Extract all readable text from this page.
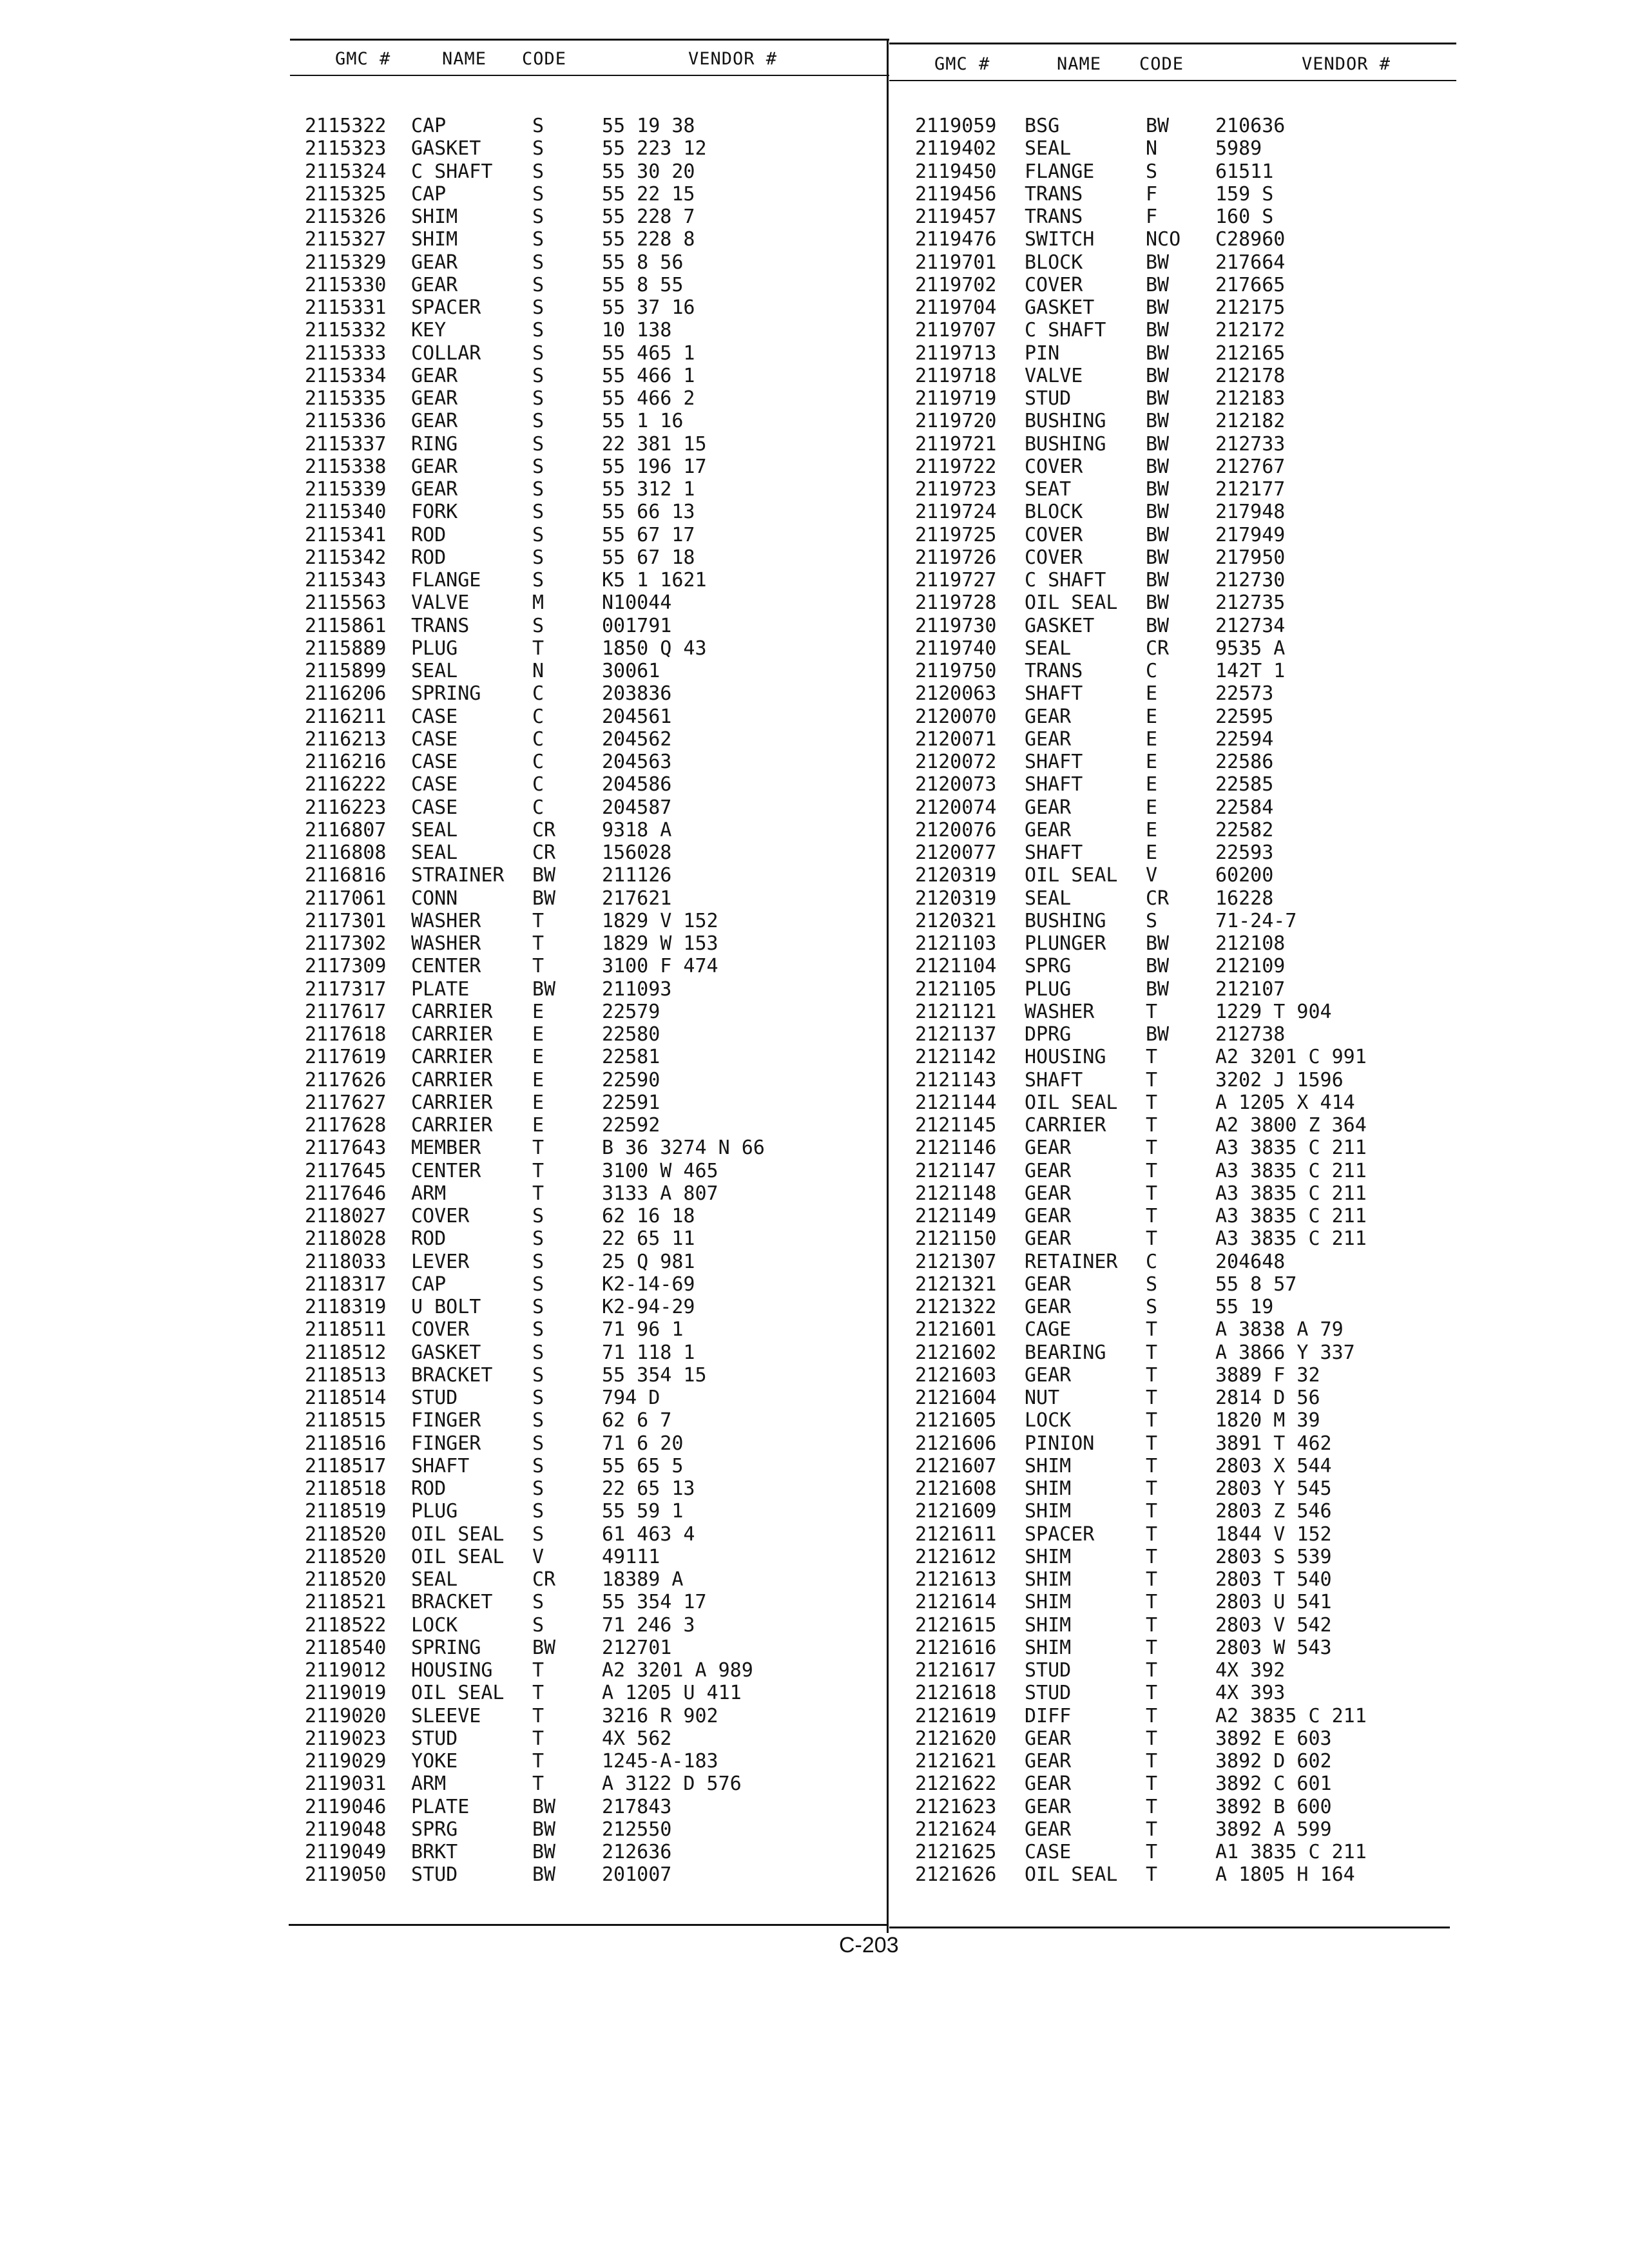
GMC #	NAME CODE	VENDOR #	GMC #	NAME CODE	VENDOR #
2115322 CAP	S	55 19 38
2115323 GASKET	S	55 223 12
2115324 C SHAFT S	55 30 20
2115325 CAP	S	55 22 15
2115326 SHIM	S	55 228 7
2115327 SHIM	S	55 228 8
2115329 GEAR	S	55 8 56
2115330 GEAR	S	55 8 55
2115331 SPACER	S	55 37 16
2115332 KEY	S	10 138
2115333 COLLAR	S	55 465 1
2115334 GEAR	S	55 466 1
2115335 GEAR	S	55 466 2
2115336 GEAR	S	55 1 16
2115337 RING	S	22 381 15
2115338 GEAR	S	55 196 17
2115339 GEAR	S	55 312 1
2115340 FORK	S	55 66 13
2115341 ROD	S	55 67 17
2115342 ROD	S	55 67 18
2115343 FLANGE	S	K5 1 1621
2115563 VALVE	M	N10044
2115861 TRANS	S	001791
2115889 PLUG	T	1850 Q 43
2115899 SEAL	N	30061
2116206 SPRING	C	203836
2116211 CASE	C	204561
2116213 CASE	C	204562
2116216 CASE	C	204563
2116222 CASE	C	204586
2116223 CASE	C	204587
2116807 SEAL	CR 9318 A
2116808 SEAL	CR 156028
2116816 STRAINER BW 211126
2117061 CONN	BW 217621
2117301 WASHER	T	1829 V 152
2117302 WASHER	T	1829 W 153
2117309 CENTER	T	3100 F 474
2117317 PLATE	BW 211093
2117617 CARRIER E	22579
2117618 CARRIER E	22580
2117619 CARRIER E	22581
2117626 CARRIER E	22590
2117627 CARRIER E	22591
2117628 CARRIER E	22592
2117643 MEMBER	T	B 36 3274 N 66
2117645 CENTER	T	3100 W 465
2117646 ARM	T	3133 A 807
2118027 COVER	S	62 16 18
2118028 ROD	S	22 65 11
2118033 LEVER	S	25 Q 981
2118317 CAP	S	K2-14-69
2118319 U BOLT	S	K2-94-29
2118511 COVER	S	71 96 1
2118512 GASKET	S	71 118 1
2118513 BRACKET S	55 354 15
2118514 STUD	S	794 D
2118515 FINGER	S	62 6 7
2118516 FINGER	S	71 6 20
2118517 SHAFT	S	55 65 5
2118518 ROD	S	22 65 13
2118519 PLUG	S	55 59 1
2118520 OIL SEAL S	61 463 4
2118520 OIL SEAL V	49111
2118520 SEAL	CR 18389 A
2118521 BRACKET S	55 354 17
2118522 LOCK	S	71 246 3
2118540 SPRING	BW 212701
2119012 HOUSING T	A2 3201 A 989
2119019 OIL SEAL T	A 1205 U 411
2119020 SLEEVE	T	3216 R 902
2119023 STUD	T	4X 562
2119029 YOKE	T	1245-A-183
2119031 ARM	T	A 3122 D 576
2119046 PLATE	BW 217843
2119048 SPRG	BW 212550
2119049 BRKT	BW 212636
2119050 STUD	BW 201007
2119059 BSG	BW 210636
2119402 SEAL	N	5989
2119450 FLANGE	S	61511
2119456 TRANS	F	159 S
2119457 TRANS	F	160 S
2119476 SWITCH	NCO C28960
2119701 BLOCK	BW 217664
2119702 COVER	BW 217665
2119704 GASKET	BW 212175
2119707 C SHAFT BW 212172
2119713 PIN	BW 212165
2119718 VALVE	BW 212178
2119719 STUD	BW 212183
2119720 BUSHING BW 212182
2119721 BUSHING BW 212733
2119722 COVER	BW 212767
2119723 SEAT	BW 212177
2119724 BLOCK	BW 217948
2119725 COVER	BW 217949
2119726 COVER	BW 217950
2119727 C SHAFT BW 212730
2119728 OIL SEAL BW 212735
2119730 GASKET	BW 212734
2119740 SEAL	CR 9535 A
2119750 TRANS	C	142T 1
2120063 SHAFT	E	22573
2120070 GEAR	E	22595
2120071 GEAR	E	22594
2120072 SHAFT	E	22586
2120073 SHAFT	E	22585
2120074 GEAR	E	22584
2120076 GEAR	E	22582
2120077 SHAFT	E	22593
2120319 OIL SEAL V	60200
2120319 SEAL	CR 16228
2120321 BUSHING S	71-24-7
2121103 PLUNGER BW 212108
2121104 SPRG	BW 212109
2121105 PLUG	BW 212107
2121121 WASHER	T	1229 T 904
2121137 DPRG	BW 212738
2121142 HOUSING T	A2 3201 C 991
2121143 SHAFT	T	3202 J 1596
2121144 OIL SEAL T	A 1205 X 414
2121145 CARRIER T	A2 3800 Z 364
2121146 GEAR	T	A3 3835 C 211
2121147 GEAR	T	A3 3835 C 211
2121148 GEAR	T	A3 3835 C 211
2121149 GEAR	T	A3 3835 C 211
2121150 GEAR	T	A3 3835 C 211
2121307 RETAINER C	204648
2121321 GEAR	S	55 8 57
2121322 GEAR	S	55 19
2121601 CAGE	T	A 3838 A 79
2121602 BEARING T	A 3866 Y 337
2121603 GEAR	T	3889 F 32
2121604 NUT	T	2814 D 56
2121605 LOCK	T	1820 M 39
2121606 PINION	T	3891 T 462
2121607 SHIM	T	2803 X 544
2121608 SHIM	T	2803 Y 545
2121609 SHIM	T	2803 Z 546
2121611 SPACER	T	1844 V 152
2121612 SHIM	T	2803 S 539
2121613 SHIM	T	2803 T 540
2121614 SHIM	T	2803 U 541
2121615 SHIM	T	2803 V 542
2121616 SHIM	T	2803 W 543
2121617 STUD	T	4X 392
2121618 STUD	T	4X 393
2121619 DIFF	T	A2 3835 C 211
2121620 GEAR	T	3892 E 603
2121621 GEAR	T	3892 D 602
2121622 GEAR	T	3892 C 601
2121623 GEAR	T	3892 B 600
2121624 GEAR	T	3892 A 599
2121625 CASE	T	A1 3835 C 211
2121626 OIL SEAL T	A 1805 H 164
C-203
